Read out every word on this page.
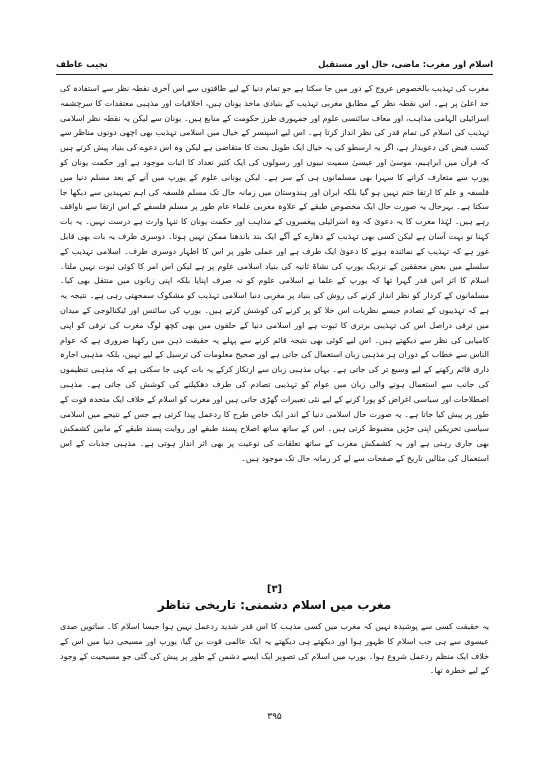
اسلام اور مغرب: ماضی، حال اور مستقبل
نجیب عاطف

مغرب کی تہذیب بالخصوص عروج کے دور میں جا سکتا ہے جو تمام دنیا کے لیے طاقتوں سے اس آخری نقطہ نظر سے استفادہ کی حد اعلیٰ پر ہے۔ اس نقطہ نظر کے مطابق مغربی تہذیب کے بنیادی ماخذ یونان ہیں، اخلاقیات اور مذہبی معتقدات کا سرچشمہ اسرائیلی الہامی مذاہب، اور معاف سائنسی علوم اور جمہوری طرز حکومت کے منابع ہیں۔ یونان سے لیکن یہ نقطہ نظر اسلامی تہذیب کی اسلام کی تمام قدر کی نظر انداز کرتا ہے۔ اس لیے اسپنسر کے خیال میں اسلامی تہذیب بھی اچھی دونوں مناظر سے کسب فیض کی دعویدار ہے، اگر یہ ارسطو کی یہ خیال ایک طویل بحث کا متقاضی ہے لیکن وہ اس دعوے کی بنیاد پیش کرتے ہیں کہ قرآن میں ابراہیم، موسیٰ اور عیسیٰ سمیت نبیوں اور رسولوں کی ایک کثیر تعداد کا اثبات موجود ہے اور حکمت یونان کو یورپ سے متعارف کرانے کا سہرا بھی مسلمانوں ہی کے سر ہے۔ لیکن یونانی علوم کے یورپ میں آنے کے بعد مسلم دنیا میں فلسفہ و علم کا ارتقا ختم نہیں ہو گیا بلکہ ایران اور ہندوستان میں زمانہ حال تک مسلم فلسفہ کی اہم تمہیدیں سے دیکھا جا سکتا ہے۔ بہرحال یہ صورت حال ایک مخصوص طبقے کے علاوہ مغربی علماء عام طور پر مسلم فلسفے کے اس ارتقا سے ناواقف رہے ہیں۔ لہٰذا مغرب کا یہ دعویٰ کہ وہ اسرائیلی پیغمبروں کے مذاہب اور حکمت یونان کا تنہا وارث ہے درست نہیں۔ یہ بات کہنا تو بہت آسان ہے لیکن کسی بھی تہذیب کے دھارے کے آگے ایک بند باندھنا ممکن نہیں ہوتا۔ دوسری طرف یہ بات بھی قابل غور ہے کہ تہذیب کے نمائندہ ہونے کا دعویٰ ایک طرف ہے اور عملی طور پر اس کا اظہار دوسری طرف۔ اسلامی تہذیب کے سلسلے میں بعض محققین کے نزدیک یورپ کی نشاۃ ثانیہ کی بنیاد اسلامی علوم پر ہے لیکن اس امر کا کوئی ثبوت نہیں ملتا۔ اسلام کا اثر اس قدر گہرا تھا کہ یورپ کے علما نے اسلامی علوم کو نہ صرف اپنایا بلکہ اپنی زبانوں میں منتقل بھی کیا۔ مسلمانوں کے کردار کو نظر انداز کرنے کی روش کی بنیاد پر مغربی دنیا اسلامی تہذیب کو مشکوک سمجھتی رہی ہے۔ نتیجہ یہ ہے کہ تہذیبوں کے تصادم جیسے نظریات اس خلا کو پر کرنے کی کوشش کرتے ہیں۔ یورپ کی سائنس اور ٹیکنالوجی کے میدان میں ترقی دراصل اس کی تہذیبی برتری کا ثبوت ہے اور اسلامی دنیا کے حلقوں میں بھی کچھ لوگ مغرب کی ترقی کو اپنی کامیابی کی نظر سے دیکھتے ہیں۔ اس لیے کوئی بھی نتیجہ قائم کرنے سے پہلے یہ حقیقت ذہن میں رکھنا ضروری ہے کہ عوام الناس سے خطاب کے دوران ہر مذہبی زبان استعمال کی جاتی ہے اور صحیح معلومات کی ترسیل کے لیے نہیں، بلکہ مذہبی اجارہ داری قائم رکھنے کے لیے وسیع تر کی جاتی ہے۔ یہاں مذہبی زبان سے ارتکاز کرکے یہ بات کہی جا سکتی ہے کہ مذہبی تنظیموں کی جانب سے استعمال ہونے والی زبان میں عوام کو تہذیبی تصادم کی طرف دھکیلنے کی کوشش کی جاتی ہے۔ مذہبی اصطلاحات اور سیاسی اغراض کو پورا کرنے کے لیے نئی تعبیرات گھڑی جاتی ہیں اور مغرب کو اسلام کے خلاف ایک متحدہ قوت کے طور پر پیش کیا جاتا ہے۔ یہ صورت حال اسلامی دنیا کے اندر ایک خاص طرح کا ردعمل پیدا کرتی ہے جس کے نتیجے میں اسلامی سیاسی تحریکیں اپنی جڑیں مضبوط کرتی ہیں۔ اس کے ساتھ ساتھ اصلاح پسند طبقے اور روایت پسند طبقے کے مابین کشمکش بھی جاری رہتی ہے اور یہ کشمکش مغرب کے ساتھ تعلقات کی نوعیت پر بھی اثر انداز ہوتی ہے۔ مذہبی جذبات کے اس استعمال کی مثالیں تاریخ کے صفحات سے لے کر زمانہ حال تک موجود ہیں۔

[۳]
مغرب میں اسلام دشمنی: تاریخی تناظر

یہ حقیقت کسی سے پوشیدہ نہیں کہ مغرب میں کسی مذہب کا اس قدر شدید ردعمل نہیں ہوا جیسا اسلام کا۔ ساتویں صدی عیسوی سے ہی جب اسلام کا ظہور ہوا اور دیکھتے ہی دیکھتے یہ ایک عالمی قوت بن گیا، یورپ اور مسیحی دنیا میں اس کے خلاف ایک منظم ردعمل شروع ہوا۔ یورپ میں اسلام کی تصویر ایک ایسے دشمن کے طور پر پیش کی گئی جو مسیحیت کے وجود کے لیے خطرہ تھا۔

۳۹۵
